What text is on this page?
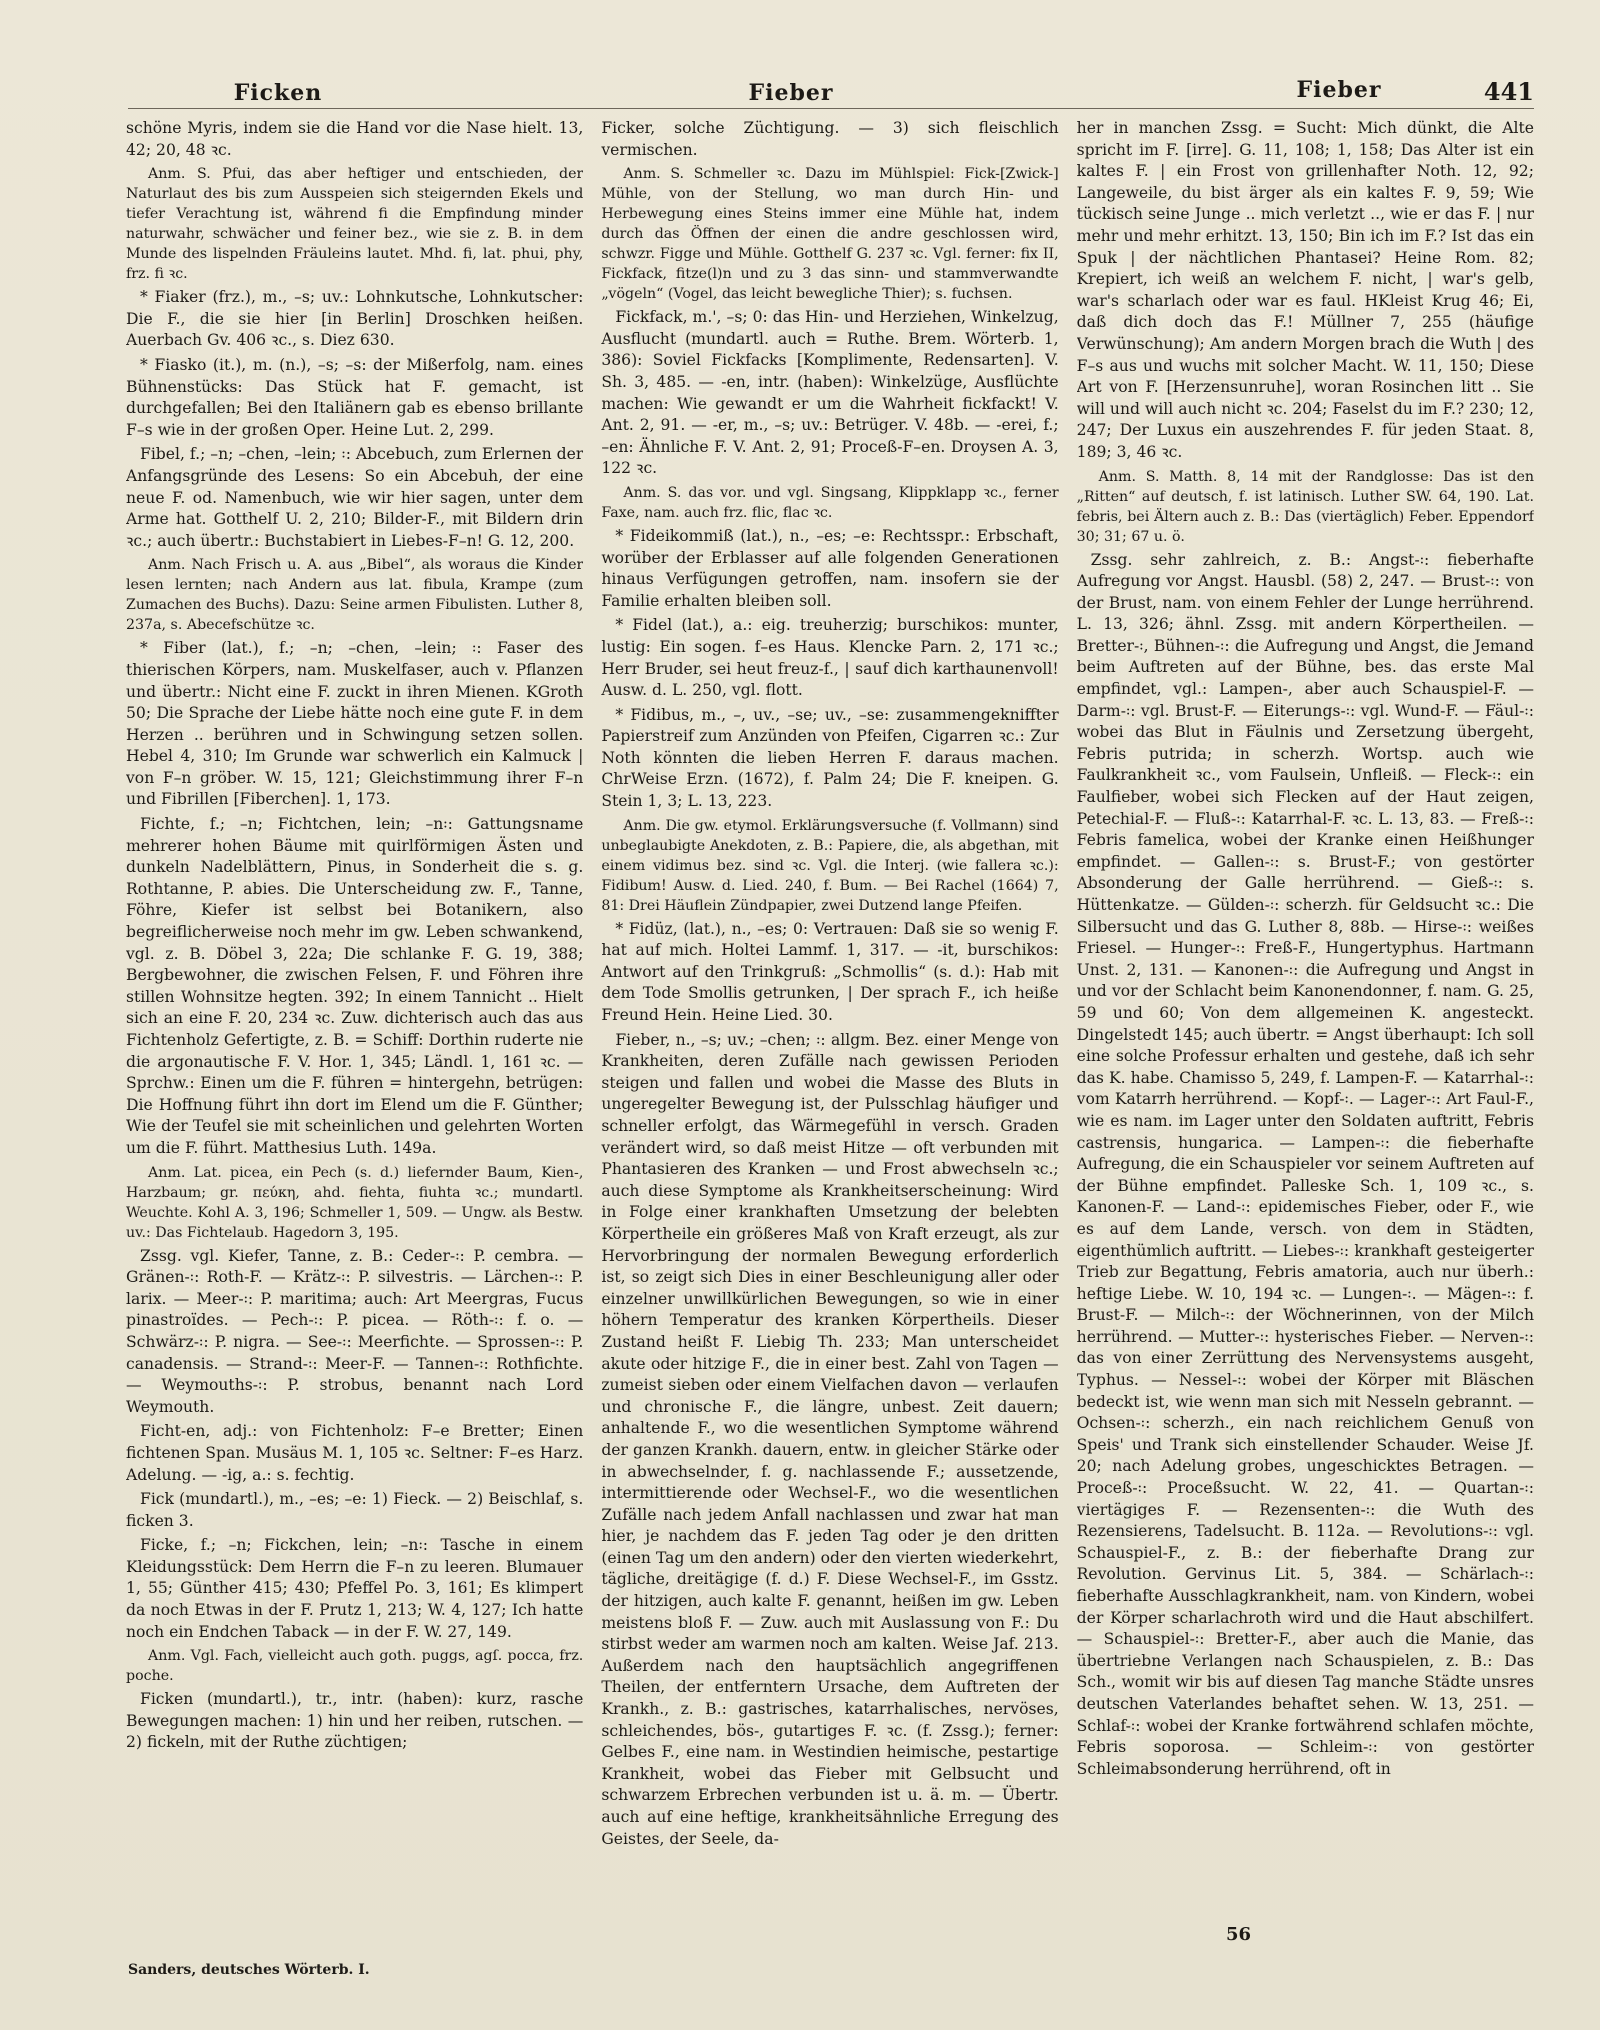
Ficken	Fieber	Fieber	441

schöne Myris, indem sie die Hand vor die Nase hielt. 13, 42; 20, 48 ꝛc.

Anm. S. Pfui, das aber heftiger und entschieden, der Naturlaut des bis zum Ausspeien sich steigernden Ekels und tiefer Verachtung ist, während fi die Empfindung minder naturwahr, schwächer und feiner bez., wie sie z. B. in dem Munde des lispelnden Fräuleins lautet. Mhd. fi, lat. phui, phy, frz. fi ꝛc.

* Fiaker (frz.), m., –s; uv.: Lohnkutsche, Lohnkutscher: Die F., die sie hier [in Berlin] Droschken heißen. Auerbach Gv. 406 ꝛc., s. Diez 630.

* Fiasko (it.), m. (n.), –s; –s: der Mißerfolg, nam. eines Bühnenstücks: Das Stück hat F. gemacht, ist durchgefallen; Bei den Italiänern gab es ebenso brillante F–s wie in der großen Oper. Heine Lut. 2, 299.

Fibel, f.; –n; –chen, –lein; ꞉: Abcebuch, zum Erlernen der Anfangsgründe des Lesens: So ein Abcebuh, der eine neue F. od. Namenbuch, wie wir hier sagen, unter dem Arme hat. Gotthelf U. 2, 210; Bilder-F., mit Bildern drin ꝛc.; auch übertr.: Buchstabiert in Liebes-F–n! G. 12, 200.

Anm. Nach Frisch u. A. aus „Bibel“, als woraus die Kinder lesen lernten; nach Andern aus lat. fibula, Krampe (zum Zumachen des Buchs). Dazu: Seine armen Fibulisten. Luther 8, 237a, s. Abecefschütze ꝛc.

* Fiber (lat.), f.; –n; –chen, –lein; ꞉: Faser des thierischen Körpers, nam. Muskelfaser, auch v. Pflanzen und übertr.: Nicht eine F. zuckt in ihren Mienen. KGroth 50; Die Sprache der Liebe hätte noch eine gute F. in dem Herzen .. berühren und in Schwingung setzen sollen. Hebel 4, 310; Im Grunde war schwerlich ein Kalmuck | von F–n gröber. W. 15, 121; Gleichstimmung ihrer F–n und Fibrillen [Fiberchen]. 1, 173.

Fichte, f.; –n; Fichtchen, lein; –n꞉: Gattungsname mehrerer hohen Bäume mit quirlförmigen Ästen und dunkeln Nadelblättern, Pinus, in Sonderheit die s. g. Rothtanne, P. abies. Die Unterscheidung zw. F., Tanne, Föhre, Kiefer ist selbst bei Botanikern, also begreiflicherweise noch mehr im gw. Leben schwankend, vgl. z. B. Döbel 3, 22a; Die schlanke F. G. 19, 388; Bergbewohner, die zwischen Felsen, F. und Föhren ihre stillen Wohnsitze hegten. 392; In einem Tannicht .. Hielt sich an eine F. 20, 234 ꝛc. Zuw. dichterisch auch das aus Fichtenholz Gefertigte, z. B. = Schiff: Dorthin ruderte nie die argonautische F. V. Hor. 1, 345; Ländl. 1, 161 ꝛc. — Sprchw.: Einen um die F. führen = hintergehn, betrügen: Die Hoffnung führt ihn dort im Elend um die F. Günther; Wie der Teufel sie mit scheinlichen und gelehrten Worten um die F. führt. Matthesius Luth. 149a.

Anm. Lat. picea, ein Pech (s. d.) liefernder Baum, Kien-, Harzbaum; gr. πεύκη, ahd. fiehta, fiuhta ꝛc.; mundartl. Weuchte. Kohl A. 3, 196; Schmeller 1, 509. — Ungw. als Bestw. uv.: Das Fichtelaub. Hagedorn 3, 195.

Zssg. vgl. Kiefer, Tanne, z. B.: Ceder-꞉: P. cembra. — Gränen-꞉: Roth-F. — Krätz-꞉: P. silvestris. — Lärchen-꞉: P. larix. — Meer-꞉: P. maritima; auch: Art Meergras, Fucus pinastroïdes. — Pech-꞉: P. picea. — Röth-꞉: f. o. — Schwärz-꞉: P. nigra. — See-꞉: Meerfichte. — Sprossen-꞉: P. canadensis. — Strand-꞉: Meer-F. — Tannen-꞉: Rothfichte. — Weymouths-꞉: P. strobus, benannt nach Lord Weymouth.

Ficht-en, adj.: von Fichtenholz: F–e Bretter; Einen fichtenen Span. Musäus M. 1, 105 ꝛc. Seltner: F–es Harz. Adelung. — -ig, a.: s. fechtig.

Fick (mundartl.), m., –es; –e: 1) Fieck. — 2) Beischlaf, s. ficken 3.

Ficke, f.; –n; Fickchen, lein; –n꞉: Tasche in einem Kleidungsstück: Dem Herrn die F–n zu leeren. Blumauer 1, 55; Günther 415; 430; Pfeffel Po. 3, 161; Es klimpert da noch Etwas in der F. Prutz 1, 213; W. 4, 127; Ich hatte noch ein Endchen Taback — in der F. W. 27, 149.

Anm. Vgl. Fach, vielleicht auch goth. puggs, agſ. pocca, frz. poche.

Ficken (mundartl.), tr., intr. (haben): kurz, rasche Bewegungen machen: 1) hin und her reiben, rutschen. — 2) fickeln, mit der Ruthe züchtigen;

Ficker, solche Züchtigung. — 3) sich fleischlich vermischen.

Anm. S. Schmeller ꝛc. Dazu im Mühlspiel: Fick-[Zwick-] Mühle, von der Stellung, wo man durch Hin- und Herbewegung eines Steins immer eine Mühle hat, indem durch das Öffnen der einen die andre geschlossen wird, schwzr. Figge und Mühle. Gotthelf G. 237 ꝛc. Vgl. ferner: fix II, Fickfack, fitze(l)n und zu 3 das sinn- und stammverwandte „vögeln“ (Vogel, das leicht bewegliche Thier); s. fuchsen.

Fickfack, m.', –s; 0: das Hin- und Herziehen, Winkelzug, Ausflucht (mundartl. auch = Ruthe. Brem. Wörterb. 1, 386): Soviel Fickfacks [Komplimente, Redensarten]. V. Sh. 3, 485. — -en, intr. (haben): Winkelzüge, Ausflüchte machen: Wie gewandt er um die Wahrheit fickfackt! V. Ant. 2, 91. — -er, m., –s; uv.: Betrüger. V. 48b. — -erei, f.; –en: Ähnliche F. V. Ant. 2, 91; Proceß-F–en. Droysen A. 3, 122 ꝛc.

Anm. S. das vor. und vgl. Singsang, Klippklapp ꝛc., ferner Faxe, nam. auch frz. flic, flac ꝛc.

* Fideikommiß (lat.), n., –es; –e: Rechtsspr.: Erbschaft, worüber der Erblasser auf alle folgenden Generationen hinaus Verfügungen getroffen, nam. insofern sie der Familie erhalten bleiben soll.

* Fidel (lat.), a.: eig. treuherzig; burschikos: munter, lustig: Ein sogen. f–es Haus. Klencke Parn. 2, 171 ꝛc.; Herr Bruder, sei heut freuz-f., | sauf dich karthaunenvoll! Ausw. d. L. 250, vgl. flott.

* Fidibus, m., –, uv., –se; uv., –se: zusammengekniffter Papierstreif zum Anzünden von Pfeifen, Cigarren ꝛc.: Zur Noth könnten die lieben Herren F. daraus machen. ChrWeise Erzn. (1672), f. Palm 24; Die F. kneipen. G. Stein 1, 3; L. 13, 223.

Anm. Die gw. etymol. Erklärungsversuche (f. Vollmann) sind unbeglaubigte Anekdoten, z. B.: Papiere, die, als abgethan, mit einem vidimus bez. sind ꝛc. Vgl. die Interj. (wie fallera ꝛc.): Fidibum! Ausw. d. Lied. 240, f. Bum. — Bei Rachel (1664) 7, 81: Drei Häuflein Zündpapier, zwei Dutzend lange Pfeifen.

* Fidüz, (lat.), n., –es; 0: Vertrauen: Daß sie so wenig F. hat auf mich. Holtei Lammf. 1, 317. — -it, burschikos: Antwort auf den Trinkgruß: „Schmollis“ (s. d.): Hab mit dem Tode Smollis getrunken, | Der sprach F., ich heiße Freund Hein. Heine Lied. 30.

Fieber, n., –s; uv.; –chen; ꞉: allgm. Bez. einer Menge von Krankheiten, deren Zufälle nach gewissen Perioden steigen und fallen und wobei die Masse des Bluts in ungeregelter Bewegung ist, der Pulsschlag häufiger und schneller erfolgt, das Wärmegefühl in versch. Graden verändert wird, so daß meist Hitze — oft verbunden mit Phantasieren des Kranken — und Frost abwechseln ꝛc.; auch diese Symptome als Krankheitserscheinung: Wird in Folge einer krankhaften Umsetzung der belebten Körpertheile ein größeres Maß von Kraft erzeugt, als zur Hervorbringung der normalen Bewegung erforderlich ist, so zeigt sich Dies in einer Beschleunigung aller oder einzelner unwillkürlichen Bewegungen, so wie in einer höhern Temperatur des kranken Körpertheils. Dieser Zustand heißt F. Liebig Th. 233; Man unterscheidet akute oder hitzige F., die in einer best. Zahl von Tagen — zumeist sieben oder einem Vielfachen davon — verlaufen und chronische F., die längre, unbest. Zeit dauern; anhaltende F., wo die wesentlichen Symptome während der ganzen Krankh. dauern, entw. in gleicher Stärke oder in abwechselnder, f. g. nachlassende F.; aussetzende, intermittierende oder Wechsel-F., wo die wesentlichen Zufälle nach jedem Anfall nachlassen und zwar hat man hier, je nachdem das F. jeden Tag oder je den dritten (einen Tag um den andern) oder den vierten wiederkehrt, tägliche, dreitägige (f. d.) F. Diese Wechsel-F., im Gsstz. der hitzigen, auch kalte F. genannt, heißen im gw. Leben meistens bloß F. — Zuw. auch mit Auslassung von F.: Du stirbst weder am warmen noch am kalten. Weise Jaf. 213. Außerdem nach den hauptsächlich angegriffenen Theilen, der entferntern Ursache, dem Auftreten der Krankh., z. B.: gastrisches, katarrhalisches, nervöses, schleichendes, bös-, gutartiges F. ꝛc. (f. Zssg.); ferner: Gelbes F., eine nam. in Westindien heimische, pestartige Krankheit, wobei das Fieber mit Gelbsucht und schwarzem Erbrechen verbunden ist u. ä. m. — Übertr. auch auf eine heftige, krankheitsähnliche Erregung des Geistes, der Seele, da-

her in manchen Zssg. = Sucht: Mich dünkt, die Alte spricht im F. [irre]. G. 11, 108; 1, 158; Das Alter ist ein kaltes F. | ein Frost von grillenhafter Noth. 12, 92; Langeweile, du bist ärger als ein kaltes F. 9, 59; Wie tückisch seine Junge .. mich verletzt .., wie er das F. | nur mehr und mehr erhitzt. 13, 150; Bin ich im F.? Ist das ein Spuk | der nächtlichen Phantasei? Heine Rom. 82; Krepiert, ich weiß an welchem F. nicht, | war's gelb, war's scharlach oder war es faul. HKleist Krug 46; Ei, daß dich doch das F.! Müllner 7, 255 (häufige Verwünschung); Am andern Morgen brach die Wuth | des F–s aus und wuchs mit solcher Macht. W. 11, 150; Diese Art von F. [Herzensunruhe], woran Rosinchen litt .. Sie will und will auch nicht ꝛc. 204; Faselst du im F.? 230; 12, 247; Der Luxus ein auszehrendes F. für jeden Staat. 8, 189; 3, 46 ꝛc.

Anm. S. Matth. 8, 14 mit der Randglosse: Das ist den „Ritten“ auf deutsch, f. ist latinisch. Luther SW. 64, 190. Lat. febris, bei Ältern auch z. B.: Das (viertäglich) Feber. Eppendorf 30; 31; 67 u. ö.

Zssg. sehr zahlreich, z. B.: Angst-꞉: fieberhafte Aufregung vor Angst. Hausbl. (58) 2, 247. — Brust-꞉: von der Brust, nam. von einem Fehler der Lunge herrührend. L. 13, 326; ähnl. Zssg. mit andern Körpertheilen. — Bretter-꞉, Bühnen-꞉: die Aufregung und Angst, die Jemand beim Auftreten auf der Bühne, bes. das erste Mal empfindet, vgl.: Lampen-, aber auch Schauspiel-F. — Darm-꞉: vgl. Brust-F. — Eiterungs-꞉: vgl. Wund-F. — Fäul-꞉: wobei das Blut in Fäulnis und Zersetzung übergeht, Febris putrida; in scherzh. Wortsp. auch wie Faulkrankheit ꝛc., vom Faulsein, Unfleiß. — Fleck-꞉: ein Faulfieber, wobei sich Flecken auf der Haut zeigen, Petechial-F. — Fluß-꞉: Katarrhal-F. ꝛc. L. 13, 83. — Freß-꞉: Febris famelica, wobei der Kranke einen Heißhunger empfindet. — Gallen-꞉: s. Brust-F.; von gestörter Absonderung der Galle herrührend. — Gieß-꞉: s. Hüttenkatze. — Gülden-꞉: scherzh. für Geldsucht ꝛc.: Die Silbersucht und das G. Luther 8, 88b. — Hirse-꞉: weißes Friesel. — Hunger-꞉: Freß-F., Hungertyphus. Hartmann Unst. 2, 131. — Kanonen-꞉: die Aufregung und Angst in und vor der Schlacht beim Kanonendonner, f. nam. G. 25, 59 und 60; Von dem allgemeinen K. angesteckt. Dingelstedt 145; auch übertr. = Angst überhaupt: Ich soll eine solche Professur erhalten und gestehe, daß ich sehr das K. habe. Chamisso 5, 249, f. Lampen-F. — Katarrhal-꞉: vom Katarrh herrührend. — Kopf-꞉. — Lager-꞉: Art Faul-F., wie es nam. im Lager unter den Soldaten auftritt, Febris castrensis, hungarica. — Lampen-꞉: die fieberhafte Aufregung, die ein Schauspieler vor seinem Auftreten auf der Bühne empfindet. Palleske Sch. 1, 109 ꝛc., s. Kanonen-F. — Land-꞉: epidemisches Fieber, oder F., wie es auf dem Lande, versch. von dem in Städten, eigenthümlich auftritt. — Liebes-꞉: krankhaft gesteigerter Trieb zur Begattung, Febris amatoria, auch nur überh.: heftige Liebe. W. 10, 194 ꝛc. — Lungen-꞉. — Mägen-꞉: f. Brust-F. — Milch-꞉: der Wöchnerinnen, von der Milch herrührend. — Mutter-꞉: hysterisches Fieber. — Nerven-꞉: das von einer Zerrüttung des Nervensystems ausgeht, Typhus. — Nessel-꞉: wobei der Körper mit Bläschen bedeckt ist, wie wenn man sich mit Nesseln gebrannt. — Ochsen-꞉: scherzh., ein nach reichlichem Genuß von Speis' und Trank sich einstellender Schauder. Weise Jf. 20; nach Adelung grobes, ungeschicktes Betragen. — Proceß-꞉: Proceßsucht. W. 22, 41. — Quartan-꞉: viertägiges F. — Rezensenten-꞉: die Wuth des Rezensierens, Tadelsucht. B. 112a. — Revolutions-꞉: vgl. Schauspiel-F., z. B.: der fieberhafte Drang zur Revolution. Gervinus Lit. 5, 384. — Schärlach-꞉: fieberhafte Ausschlagkrankheit, nam. von Kindern, wobei der Körper scharlachroth wird und die Haut abschilfert. — Schauspiel-꞉: Bretter-F., aber auch die Manie, das übertriebne Verlangen nach Schauspielen, z. B.: Das Sch., womit wir bis auf diesen Tag manche Städte unsres deutschen Vaterlandes behaftet sehen. W. 13, 251. — Schlaf-꞉: wobei der Kranke fortwährend schlafen möchte, Febris soporosa. — Schleim-꞉: von gestörter Schleimabsonderung herrührend, oft in

Sanders, deutsches Wörterb. I.
56
